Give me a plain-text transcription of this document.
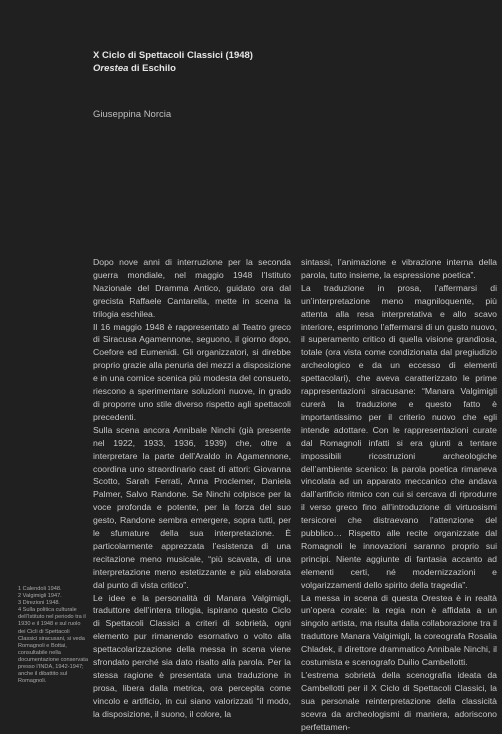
X Ciclo di Spettacoli Classici (1948)
Orestea di Eschilo
Giuseppina Norcia

Dopo nove anni di interruzione per la seconda guerra mondiale, nel maggio 1948 l’Istituto Nazionale del Dramma Antico, guidato ora dal grecista Raffaele Cantarella, mette in scena la trilogia eschilea.

Il 16 maggio 1948 è rappresentato al Teatro greco di Siracusa Agamennone, seguono, il giorno dopo, Coefore ed Eumenidi. Gli organizzatori, si direbbe proprio grazie alla penuria dei mezzi a disposizione e in una cornice scenica più modesta del consueto, riescono a sperimentare soluzioni nuove, in grado di proporre uno stile diverso rispetto agli spettacoli precedenti.

Sulla scena ancora Annibale Ninchi (già presente nel 1922, 1933, 1936, 1939) che, oltre a interpretare la parte dell’Araldo in Agamennone, coordina uno straordinario cast di attori: Giovanna Scotto, Sarah Ferrati, Anna Proclemer, Daniela Palmer, Salvo Randone. Se Ninchi colpisce per la voce profonda e potente, per la forza del suo gesto, Randone sembra emergere, sopra tutti, per le sfumature della sua interpretazione. È particolarmente apprezzata l’esistenza di una recitazione meno musicale, “più scavata, di una interpretazione meno estetizzante e più elaborata dal punto di vista critico”.

Le idee e la personalità di Manara Valgimigli, traduttore dell’intera trilogia, ispirano questo Ciclo di Spettacoli Classici a criteri di sobrietà, ogni elemento pur rimanendo esornativo o volto alla spettacolarizzazione della messa in scena viene sfrondato perché sia dato risalto alla parola. Per la stessa ragione è presentata una traduzione in prosa, libera dalla metrica, ora percepita come vincolo e artificio, in cui siano valorizzati “il modo, la disposizione, il suono, il colore, la

sintassi, l’animazione e vibrazione interna della parola, tutto insieme, la espressione poetica”.

La traduzione in prosa, l’affermarsi di un’interpretazione meno magniloquente, più attenta alla resa interpretativa e allo scavo interiore, esprimono l’affermarsi di un gusto nuovo, il superamento critico di quella visione grandiosa, totale (ora vista come condizionata dal pregiudizio archeologico e da un eccesso di elementi spettacolari), che aveva caratterizzato le prime rappresentazioni siracusane: “Manara Valgimigli curerà la traduzione e questo fatto è importantissimo per il criterio nuovo che egli intende adottare. Con le rappresentazioni curate dal Romagnoli infatti si era giunti a tentare impossibili ricostruzioni archeologiche dell’ambiente scenico: la parola poetica rimaneva vincolata ad un apparato meccanico che andava dall’artificio ritmico con cui si cercava di riprodurre il verso greco fino all’introduzione di virtuosismi tersicorei che distraevano l’attenzione del pubblico… Rispetto alle recite organizzate dal Romagnoli le innovazioni saranno proprio sui principi. Niente aggiunte di fantasia accanto ad elementi certi, né modernizzazioni e volgarizzamenti dello spirito della tragedia”.

La messa in scena di questa Orestea è in realtà un’opera corale: la regia non è affidata a un singolo artista, ma risulta dalla collaborazione tra il traduttore Manara Valgimigli, la coreografa Rosalia Chladek, il direttore drammatico Annibale Ninchi, il costumista e scenografo Duilio Cambellotti.

L’estrema sobrietà della scenografia ideata da Cambellotti per il X Ciclo di Spettacoli Classici, la sua personale reinterpretazione della classicità scevra da archeologismi di maniera, adoriscono perfettamen-

1 Calendoli 1948.

2 Valgimigli 1947.

3 Direzioni 1948.

4 Sulla politica culturale dell’Istituto nel periodo tra il 1930 e il 1948 e sul ruolo dei Cicli di Spettacoli Classici siracusani, si veda Romagnoli e Bottai, consultabile nella documentazione conservata presso l’INDA, 1942-1947; anche il dibattito sul Romagnoli.
